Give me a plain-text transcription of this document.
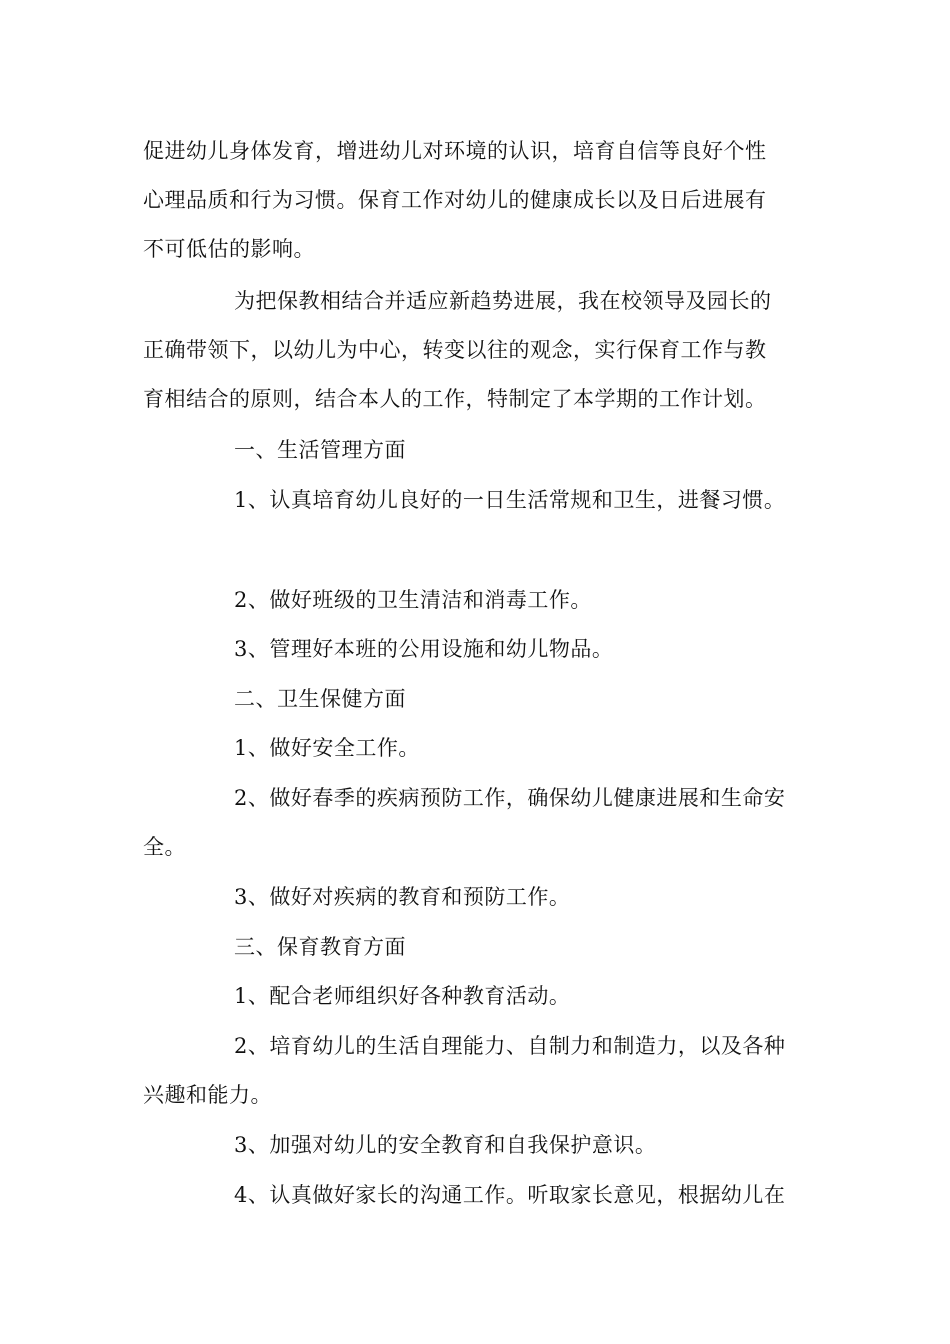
促进幼儿身体发育，增进幼儿对环境的认识，培育自信等良好个性
心理品质和行为习惯。保育工作对幼儿的健康成长以及日后进展有
不可低估的影响。
为把保教相结合并适应新趋势进展，我在校领导及园长的
正确带领下，以幼儿为中心，转变以往的观念，实行保育工作与教
育相结合的原则，结合本人的工作，特制定了本学期的工作计划。
一、生活管理方面
1、认真培育幼儿良好的一日生活常规和卫生，进餐习惯。
2、做好班级的卫生清洁和消毒工作。
3、管理好本班的公用设施和幼儿物品。
二、卫生保健方面
1、做好安全工作。
2、做好春季的疾病预防工作，确保幼儿健康进展和生命安
全。
3、做好对疾病的教育和预防工作。
三、保育教育方面
1、配合老师组织好各种教育活动。
2、培育幼儿的生活自理能力、自制力和制造力，以及各种
兴趣和能力。
3、加强对幼儿的安全教育和自我保护意识。
4、认真做好家长的沟通工作。听取家长意见，根据幼儿在
